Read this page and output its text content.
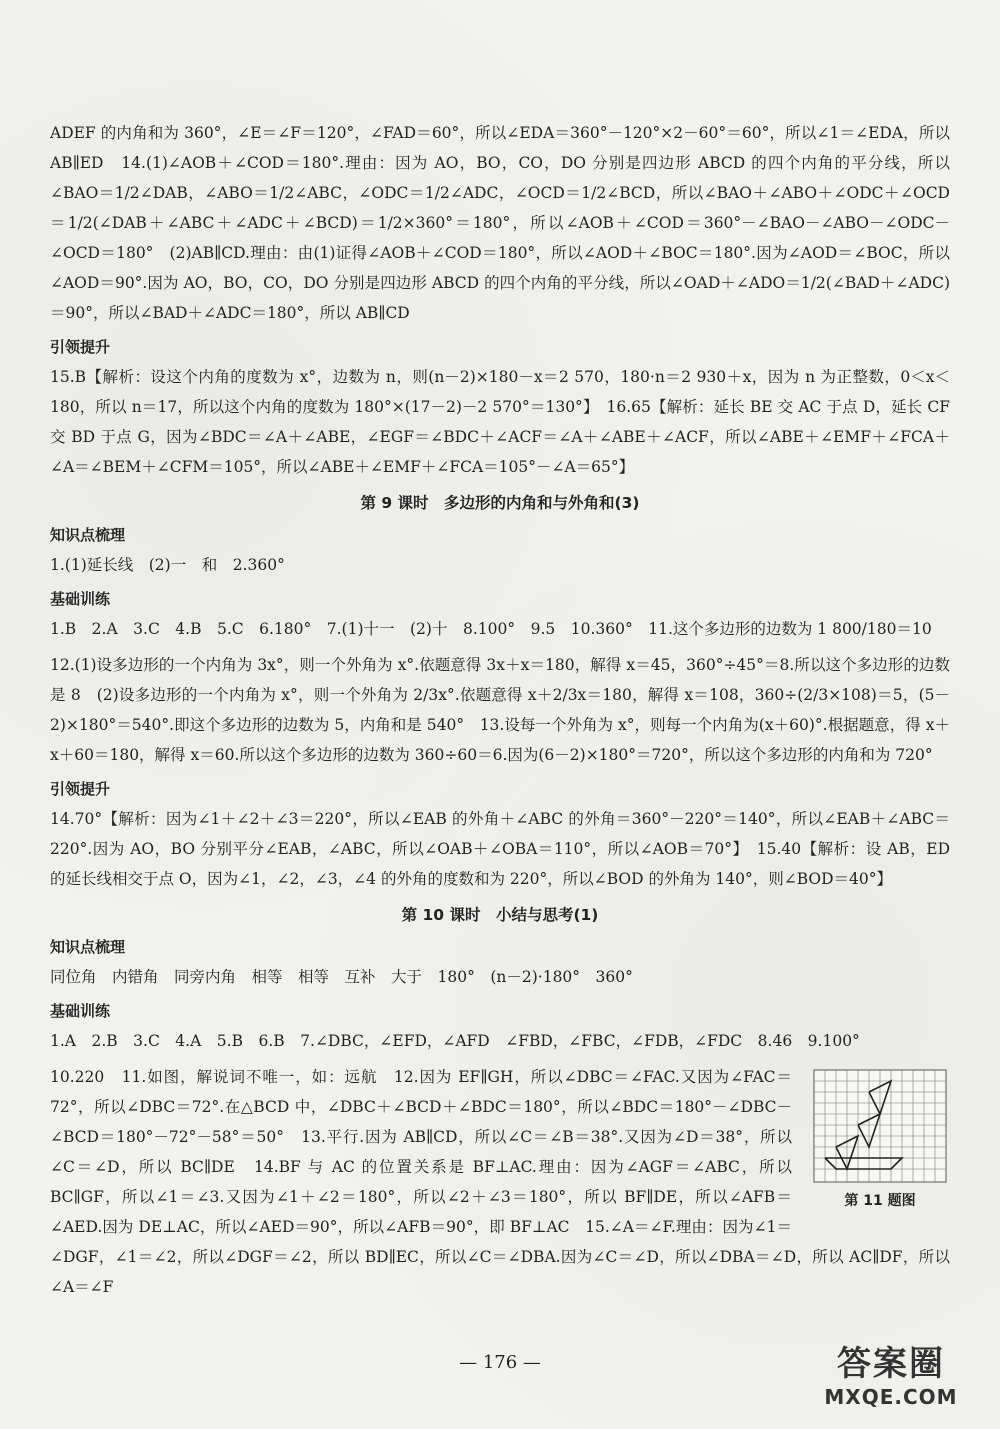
ADEF 的内角和为 360°，∠E＝∠F＝120°，∠FAD＝60°，所以∠EDA＝360°－120°×2－60°＝60°，所以∠1＝∠EDA，所以 AB∥ED　14.(1)∠AOB＋∠COD＝180°.理由：因为 AO，BO，CO，DO 分别是四边形 ABCD 的四个内角的平分线，所以∠BAO＝1/2∠DAB，∠ABO＝1/2∠ABC，∠ODC＝1/2∠ADC，∠OCD＝1/2∠BCD，所以∠BAO＋∠ABO＋∠ODC＋∠OCD＝1/2(∠DAB＋∠ABC＋∠ADC＋∠BCD)＝1/2×360°＝180°，所以∠AOB＋∠COD＝360°－∠BAO－∠ABO－∠ODC－∠OCD＝180°　(2)AB∥CD.理由：由(1)证得∠AOB＋∠COD＝180°，所以∠AOD＋∠BOC＝180°.因为∠AOD＝∠BOC，所以∠AOD＝90°.因为 AO，BO，CO，DO 分别是四边形 ABCD 的四个内角的平分线，所以∠OAD＋∠ADO＝1/2(∠BAD＋∠ADC)＝90°，所以∠BAD＋∠ADC＝180°，所以 AB∥CD

引领提升

15.B【解析：设这个内角的度数为 x°，边数为 n，则(n－2)×180－x＝2 570，180·n＝2 930＋x，因为 n 为正整数，0＜x＜180，所以 n＝17，所以这个内角的度数为 180°×(17－2)－2 570°＝130°】　16.65【解析：延长 BE 交 AC 于点 D，延长 CF 交 BD 于点 G，因为∠BDC＝∠A＋∠ABE，∠EGF＝∠BDC＋∠ACF＝∠A＋∠ABE＋∠ACF，所以∠ABE＋∠EMF＋∠FCA＋∠A＝∠BEM＋∠CFM＝105°，所以∠ABE＋∠EMF＋∠FCA＝105°－∠A＝65°】

第 9 课时　多边形的内角和与外角和(3)
知识点梳理

1.(1)延长线　(2)一　和　2.360°

基础训练

1.B　2.A　3.C　4.B　5.C　6.180°　7.(1)十一　(2)十　8.100°　9.5　10.360°　11.这个多边形的边数为 1 800/180＝10

12.(1)设多边形的一个内角为 3x°，则一个外角为 x°.依题意得 3x＋x＝180，解得 x＝45，360°÷45°＝8.所以这个多边形的边数是 8　(2)设多边形的一个内角为 x°，则一个外角为 2/3x°.依题意得 x＋2/3x＝180，解得 x＝108，360÷(2/3×108)＝5，(5－2)×180°＝540°.即这个多边形的边数为 5，内角和是 540°　13.设每一个外角为 x°，则每一个内角为(x＋60)°.根据题意，得 x＋x＋60＝180，解得 x＝60.所以这个多边形的边数为 360÷60＝6.因为(6－2)×180°＝720°，所以这个多边形的内角和为 720°

引领提升

14.70°【解析：因为∠1＋∠2＋∠3＝220°，所以∠EAB 的外角＋∠ABC 的外角＝360°－220°＝140°，所以∠EAB＋∠ABC＝220°.因为 AO，BO 分别平分∠EAB，∠ABC，所以∠OAB＋∠OBA＝110°，所以∠AOB＝70°】　15.40【解析：设 AB，ED 的延长线相交于点 O，因为∠1，∠2，∠3，∠4 的外角的度数和为 220°，所以∠BOD 的外角为 140°，则∠BOD＝40°】

第 10 课时　小结与思考(1)
知识点梳理

同位角　内错角　同旁内角　相等　相等　互补　大于　180°　(n－2)·180°　360°

基础训练

1.A　2.B　3.C　4.A　5.B　6.B　7.∠DBC，∠EFD，∠AFD　∠FBD，∠FBC，∠FDB，∠FDC　8.46　9.100°

第 11 题图

10.220　11.如图，解说词不唯一，如：远航　12.因为 EF∥GH，所以∠DBC＝∠FAC.又因为∠FAC＝72°，所以∠DBC＝72°.在△BCD 中，∠DBC＋∠BCD＋∠BDC＝180°，所以∠BDC＝180°－∠DBC－∠BCD＝180°－72°－58°＝50°　13.平行.因为 AB∥CD，所以∠C＝∠B＝38°.又因为∠D＝38°，所以∠C＝∠D，所以 BC∥DE　14.BF 与 AC 的位置关系是 BF⊥AC.理由：因为∠AGF＝∠ABC，所以 BC∥GF，所以∠1＝∠3.又因为∠1＋∠2＝180°，所以∠2＋∠3＝180°，所以 BF∥DE，所以∠AFB＝∠AED.因为 DE⊥AC，所以∠AED＝90°，所以∠AFB＝90°，即 BF⊥AC　15.∠A＝∠F.理由：因为∠1＝∠DGF，∠1＝∠2，所以∠DGF＝∠2，所以 BD∥EC，所以∠C＝∠DBA.因为∠C＝∠D，所以∠DBA＝∠D，所以 AC∥DF，所以∠A＝∠F

— 176 —	答案圈
MXQE.COM
